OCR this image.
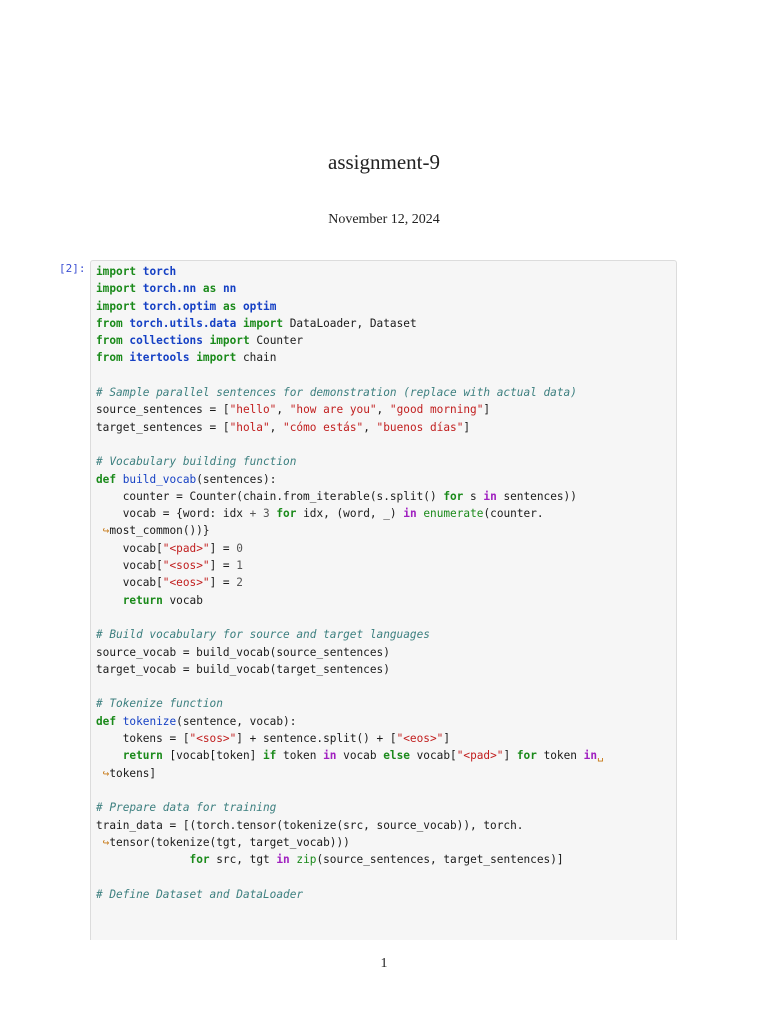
assignment-9
November 12, 2024
[2]: import torch
import torch.nn as nn
import torch.optim as optim
from torch.utils.data import DataLoader, Dataset
from collections import Counter
from itertools import chain

# Sample parallel sentences for demonstration (replace with actual data)
source_sentences = ["hello", "how are you", "good morning"]
target_sentences = ["hola", "cómo estás", "buenos días"]

# Vocabulary building function
def build_vocab(sentences):
counter = Counter(chain.from_iterable(s.split() for s in sentences))
vocab = {word: idx + 3 for idx, (word, _) in enumerate(counter.
↪most_common())}
vocab["<pad>"] = 0
vocab["<sos>"] = 1
vocab["<eos>"] = 2
return vocab

# Build vocabulary for source and target languages
source_vocab = build_vocab(source_sentences)
target_vocab = build_vocab(target_sentences)

# Tokenize function
def tokenize(sentence, vocab):
tokens = ["<sos>"] + sentence.split() + ["<eos>"]
return [vocab[token] if token in vocab else vocab["<pad>"] for token in␣
↪tokens]

# Prepare data for training
train_data = [(torch.tensor(tokenize(src, source_vocab)), torch.
↪tensor(tokenize(tgt, target_vocab)))
for src, tgt in zip(source_sentences, target_sentences)]

# Define Dataset and DataLoader
1
